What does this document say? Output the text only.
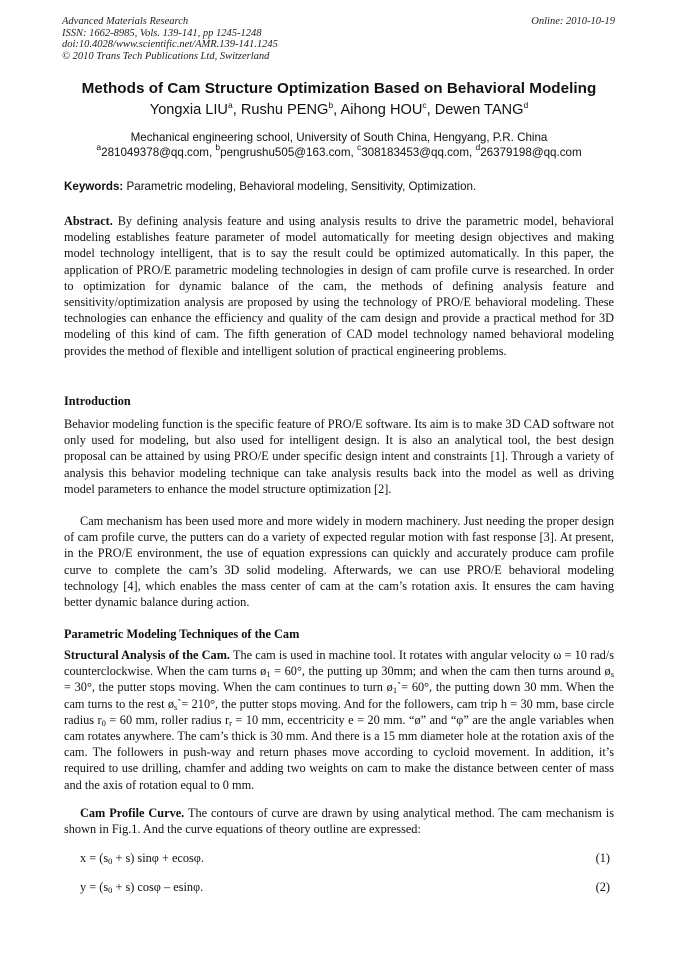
Advanced Materials Research
ISSN: 1662-8985, Vols. 139-141, pp 1245-1248
doi:10.4028/www.scientific.net/AMR.139-141.1245
© 2010 Trans Tech Publications Ltd, Switzerland
Online: 2010-10-19
Methods of Cam Structure Optimization Based on Behavioral Modeling
Yongxia LIU$^a$, Rushu PENG$^b$, Aihong HOU$^c$, Dewen TANG$^d$
Mechanical engineering school, University of South China, Hengyang, P.R. China
$^a$281049378@qq.com, $^b$pengrushu505@163.com, $^c$308183453@qq.com, $^d$26379198@qq.com
Keywords: Parametric modeling, Behavioral modeling, Sensitivity, Optimization.

Abstract. By defining analysis feature and using analysis results to drive the parametric model, behavioral modeling establishes feature parameter of model automatically for meeting design objectives and making model technology intelligent, that is to say the result could be optimized automatically. In this paper, the application of PRO/E parametric modeling technologies in design of cam profile curve is researched. In order to optimization for dynamic balance of the cam, the methods of defining analysis feature and sensitivity/optimization analysis are proposed by using the technology of PRO/E behavioral modeling. These technologies can enhance the efficiency and quality of the cam design and provide a practical method for 3D modeling of this kind of cam. The fifth generation of CAD model technology named behavioral modeling provides the method of flexible and intelligent solution of practical engineering problems.

Introduction

Behavior modeling function is the specific feature of PRO/E software. Its aim is to make 3D CAD software not only used for modeling, but also used for intelligent design. It is also an analytical tool, the best design proposal can be attained by using PRO/E under specific design intent and constraints [1]. Through a variety of analysis this behavior modeling technique can take analysis results back into the model as well as driving model parameters to enhance the model structure optimization [2].

Cam mechanism has been used more and more widely in modern machinery. Just needing the proper design of cam profile curve, the putters can do a variety of expected regular motion with fast response [3]. At present, in the PRO/E environment, the use of equation expressions can quickly and accurately produce cam profile curve to complete the cam’s 3D solid modeling. Afterwards, we can use PRO/E behavioral modeling technology [4], which enables the mass center of cam at the cam’s rotation axis. It ensures the cam having better dynamic balance during action.

Parametric Modeling Techniques of the Cam

Structural Analysis of the Cam. The cam is used in machine tool. It rotates with angular velocity ω = 10 rad/s counterclockwise. When the cam turns $ø_1 = 60^\circ$, the putting up 30mm; and when the cam then turns around $ø_s = 30^\circ$, the putter stops moving. When the cam continues to turn $ø_1`= 60^\circ$, the putting down 30 mm. When the cam turns to the rest $ø_s`= 210^\circ$, the putter stops moving. And for the followers, cam trip h = 30 mm, base circle radius $r_0 = 60$ mm, roller radius $r_r = 10$ mm, eccentricity e = 20 mm. “ø” and “φ” are the angle variables when cam rotates anywhere. The cam’s thick is 30 mm. And there is a 15 mm diameter hole at the rotation axis of the cam. The followers in push-way and return phases move according to cycloid movement. In addition, it’s required to use drilling, chamfer and adding two weights on cam to make the distance between center of mass and the axis of rotation equal to 0 mm.

Cam Profile Curve. The contours of curve are drawn by using analytical method. The cam mechanism is shown in Fig.1. And the curve equations of theory outline are expressed:

$x = (s_0 + s) \sin\varphi + ecos\varphi$.	(1)
$y = (s_0 + s)$ cosφ – esinφ.	(2)
